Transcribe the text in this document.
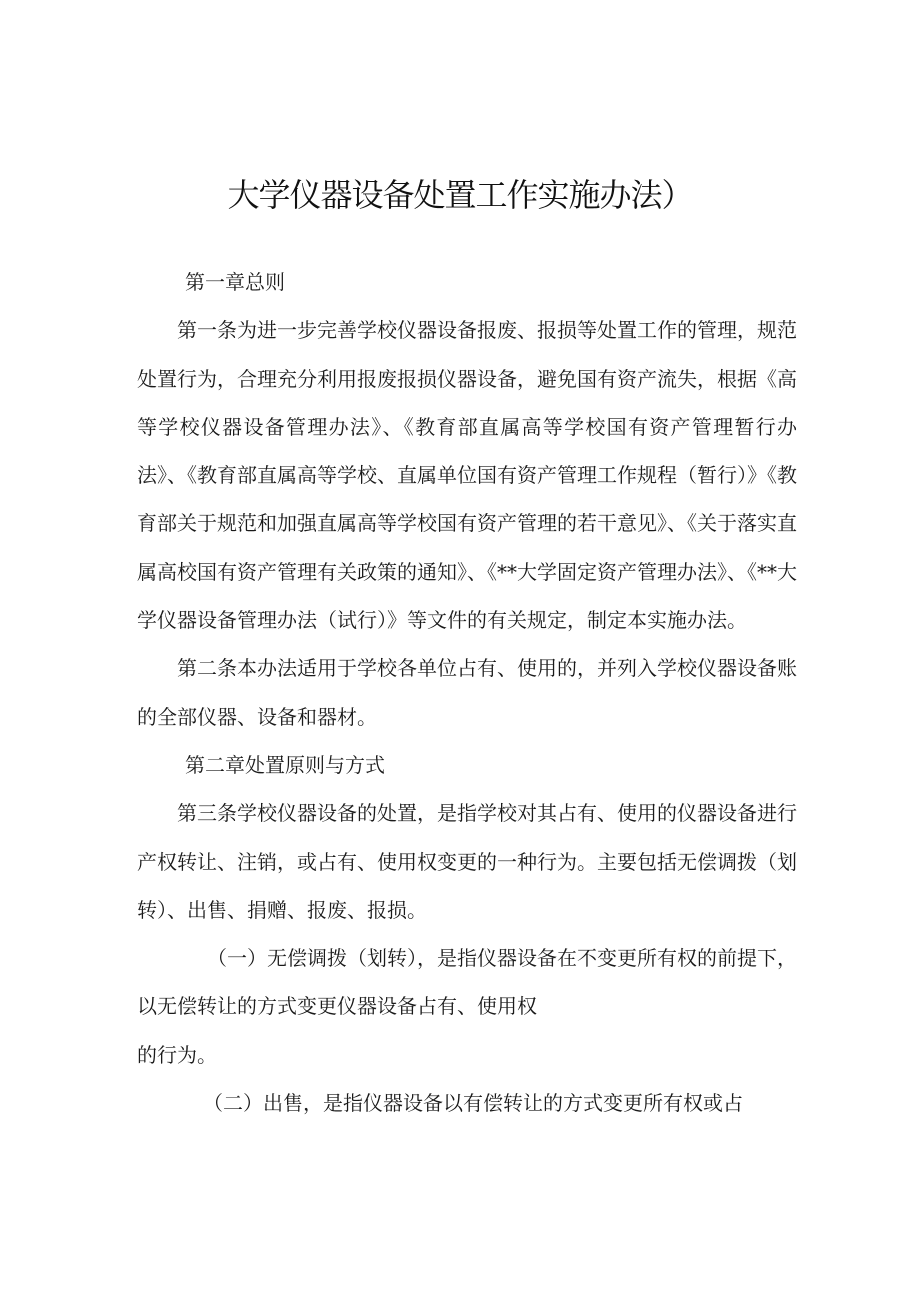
大学仪器设备处置工作实施办法）

第一章总则

第一条为进一步完善学校仪器设备报废、报损等处置工作的管理，规范处置行为，合理充分利用报废报损仪器设备，避免国有资产流失，根据《高等学校仪器设备管理办法》、《教育部直属高等学校国有资产管理暂行办法》、《教育部直属高等学校、直属单位国有资产管理工作规程（暂行）》《教育部关于规范和加强直属高等学校国有资产管理的若干意见》、《关于落实直属高校国有资产管理有关政策的通知》、《**大学固定资产管理办法》、《**大学仪器设备管理办法（试行）》等文件的有关规定，制定本实施办法。

第二条本办法适用于学校各单位占有、使用的，并列入学校仪器设备账的全部仪器、设备和器材。

第二章处置原则与方式

第三条学校仪器设备的处置，是指学校对其占有、使用的仪器设备进行产权转让、注销，或占有、使用权变更的一种行为。主要包括无偿调拨（划转）、出售、捐赠、报废、报损。

（一）无偿调拨（划转），是指仪器设备在不变更所有权的前提下，以无偿转让的方式变更仪器设备占有、使用权

的行为。

（二）出售，是指仪器设备以有偿转让的方式变更所有权或占
